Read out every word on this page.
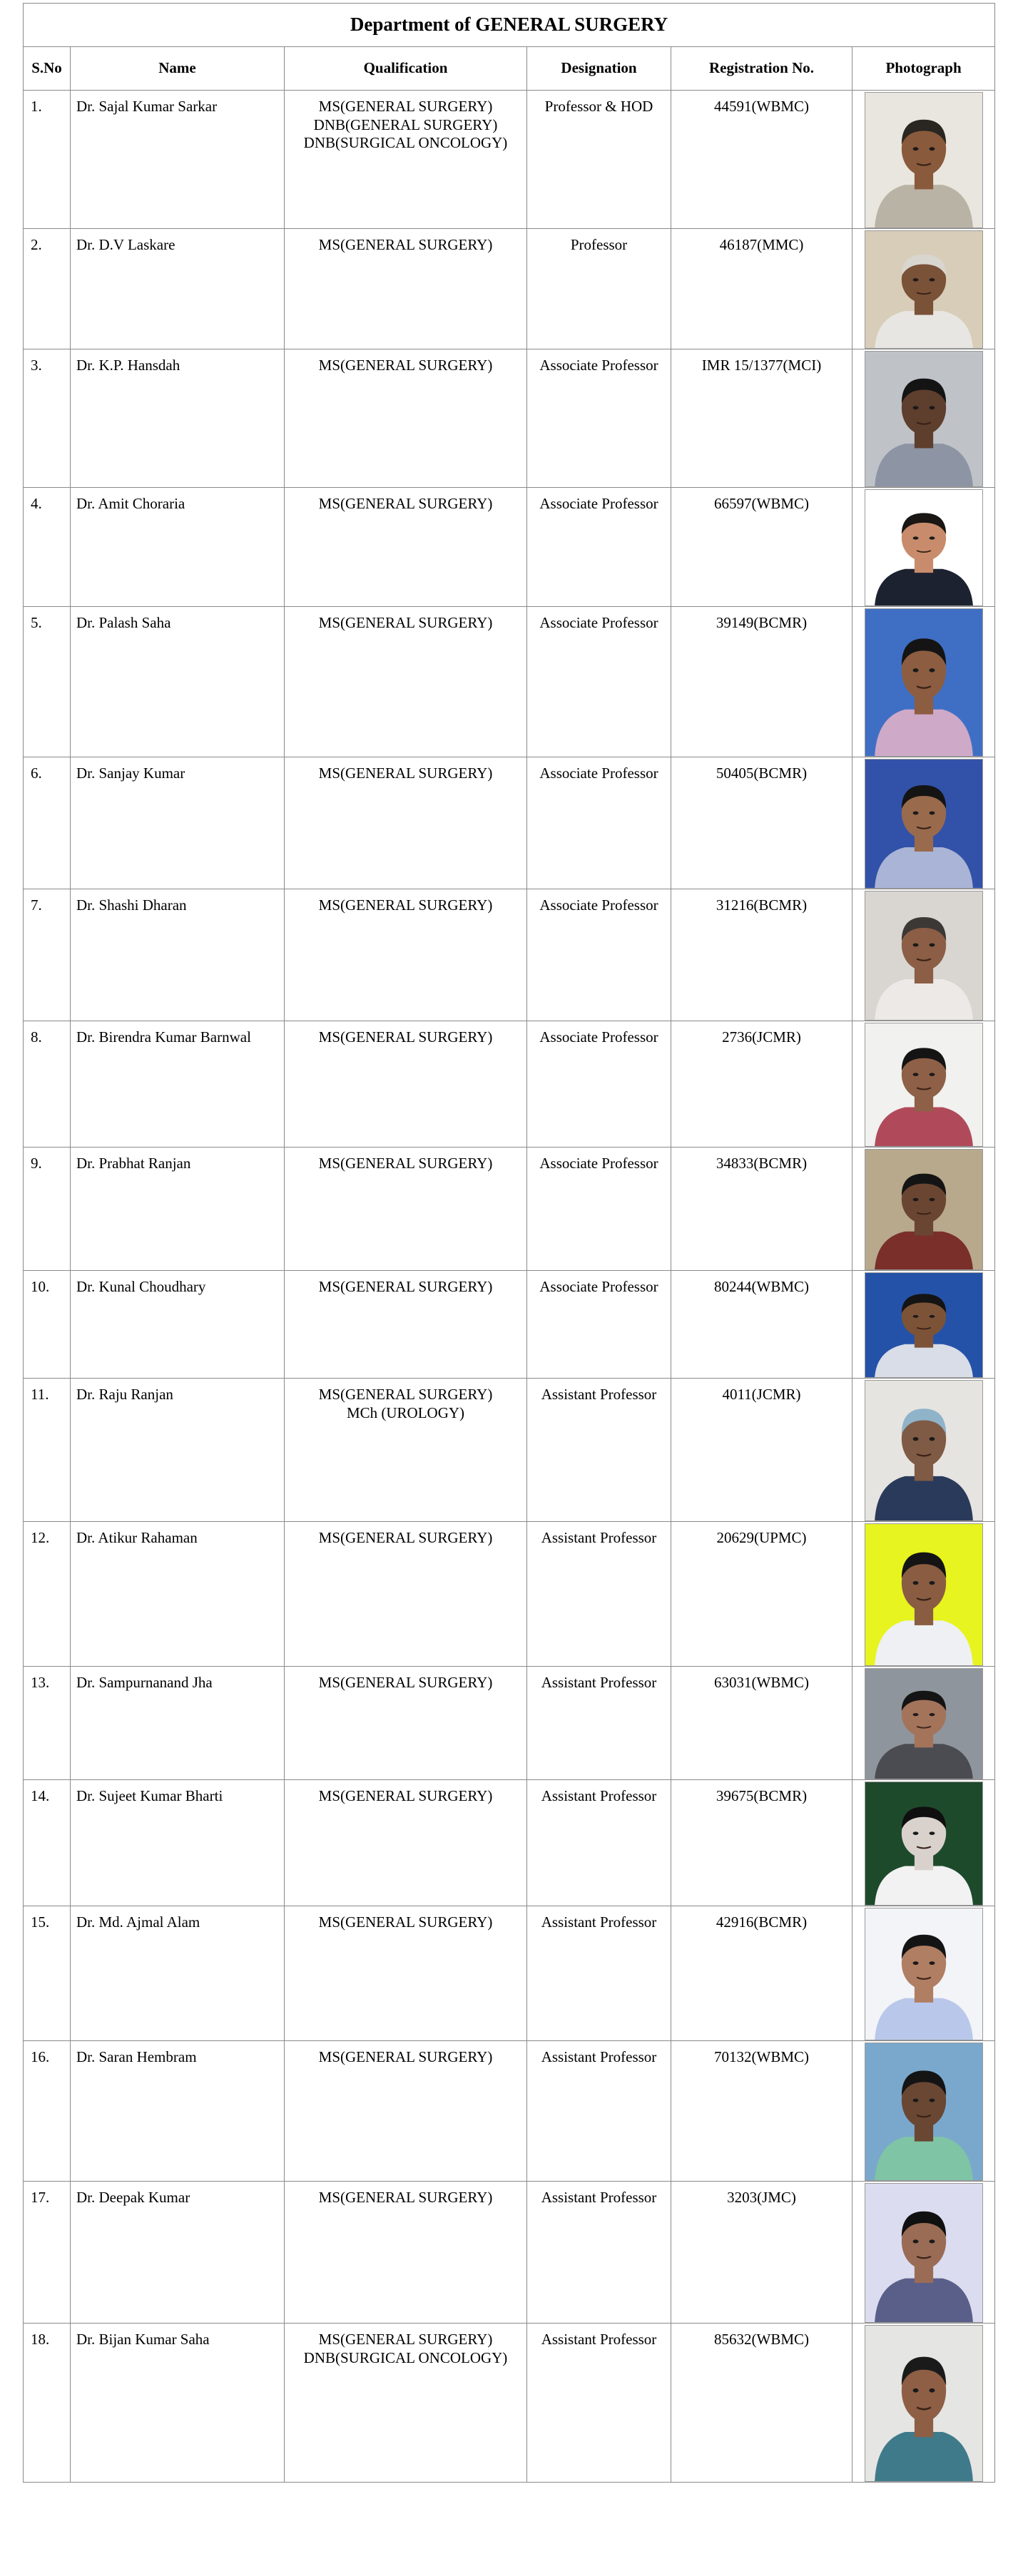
Department of GENERAL SURGERY					
S.No	Name	Qualification	Designation	Registration No.	Photograph
1.	Dr. Sajal Kumar Sarkar	MS(GENERAL SURGERY)
DNB(GENERAL SURGERY)
DNB(SURGICAL ONCOLOGY)	Professor & HOD	44591(WBMC)	

2.	Dr. D.V Laskare	MS(GENERAL SURGERY)	Professor	46187(MMC)	

3.	Dr. K.P. Hansdah	MS(GENERAL SURGERY)	Associate Professor	IMR 15/1377(MCI)	

4.	Dr. Amit Choraria	MS(GENERAL SURGERY)	Associate Professor	66597(WBMC)	

5.	Dr. Palash Saha	MS(GENERAL SURGERY)	Associate Professor	39149(BCMR)	

6.	Dr. Sanjay Kumar	MS(GENERAL SURGERY)	Associate Professor	50405(BCMR)	

7.	Dr. Shashi Dharan	MS(GENERAL SURGERY)	Associate Professor	31216(BCMR)	

8.	Dr. Birendra Kumar Barnwal	MS(GENERAL SURGERY)	Associate Professor	2736(JCMR)	

9.	Dr. Prabhat Ranjan	MS(GENERAL SURGERY)	Associate Professor	34833(BCMR)	

10.	Dr. Kunal Choudhary	MS(GENERAL SURGERY)	Associate Professor	80244(WBMC)	

11.	Dr. Raju Ranjan	MS(GENERAL SURGERY)
MCh (UROLOGY)	Assistant Professor	4011(JCMR)	

12.	Dr. Atikur Rahaman	MS(GENERAL SURGERY)	Assistant Professor	20629(UPMC)	

13.	Dr. Sampurnanand Jha	MS(GENERAL SURGERY)	Assistant Professor	63031(WBMC)	

14.	Dr. Sujeet Kumar Bharti	MS(GENERAL SURGERY)	Assistant Professor	39675(BCMR)	

15.	Dr. Md. Ajmal Alam	MS(GENERAL SURGERY)	Assistant Professor	42916(BCMR)	

16.	Dr. Saran Hembram	MS(GENERAL SURGERY)	Assistant Professor	70132(WBMC)	

17.	Dr. Deepak Kumar	MS(GENERAL SURGERY)	Assistant Professor	3203(JMC)	

18.	Dr. Bijan Kumar Saha	MS(GENERAL SURGERY)
DNB(SURGICAL ONCOLOGY)	Assistant Professor	85632(WBMC)	
